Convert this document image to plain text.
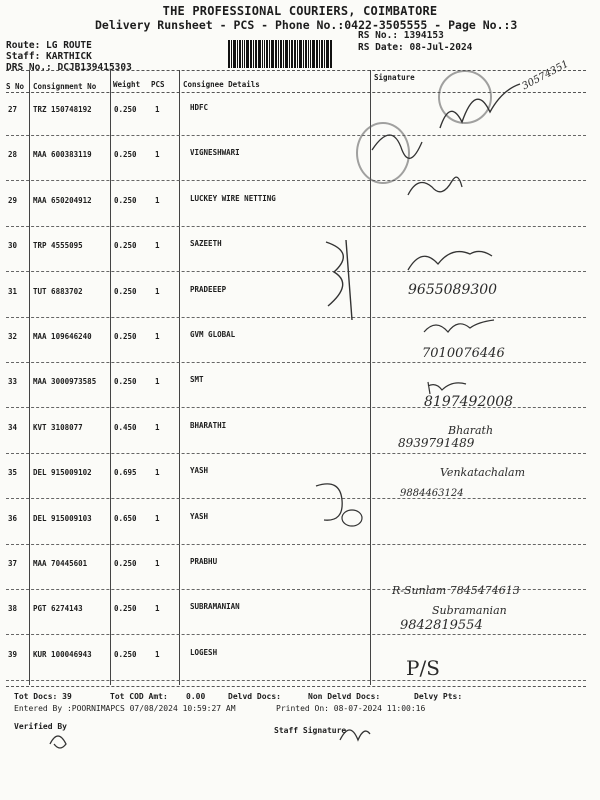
THE PROFESSIONAL COURIERS, COIMBATORE
Delivery Runsheet - PCS - Phone No.:0422-3505555 - Page No.:3
Route: LG ROUTE
Staff: KARTHICK
DRS No.: DCJB139415303
RS No.: 1394153
RS Date: 08-Jul-2024
S No Consignment No Weight PCS Consignee Details
Signature
27 TRZ 150748192	0.250 1	HDFC
28 MAA 600383119	0.250 1	VIGNESHWARI
29 MAA 650204912	0.250 1	LUCKEY WIRE NETTING
30 TRP 4555095	0.250 1	SAZEETH
31 TUT 6883702	0.250 1	PRADEEEP
32 MAA 109646240	0.250 1	GVM GLOBAL
33 MAA 3000973585 0.250 1	SMT
34 KVT 3108077	0.450 1	BHARATHI
35 DEL 915009102	0.695 1	YASH
36 DEL 915009103	0.650 1	YASH
37 MAA 70445601	0.250 1	PRABHU
38 PGT 6274143	0.250 1	SUBRAMANIAN
39 KUR 100046943	0.250 1	LOGESH
30574351
9655089300
7010076446
8197492008
Bharath
8939791489
Venkatachalam
9884463124
R-Sunlam 7845474613
Subramanian
9842819554
P/S
Tot Docs: 39	Tot COD Amt: 0.00	Delvd Docs:	Non Delvd Docs:	Delvy Pts:
Entered By :POORNIMAPCS 07/08/2024 10:59:27 AM	Printed On: 08-07-2024 11:00:16
Verified By	Staff Signature
